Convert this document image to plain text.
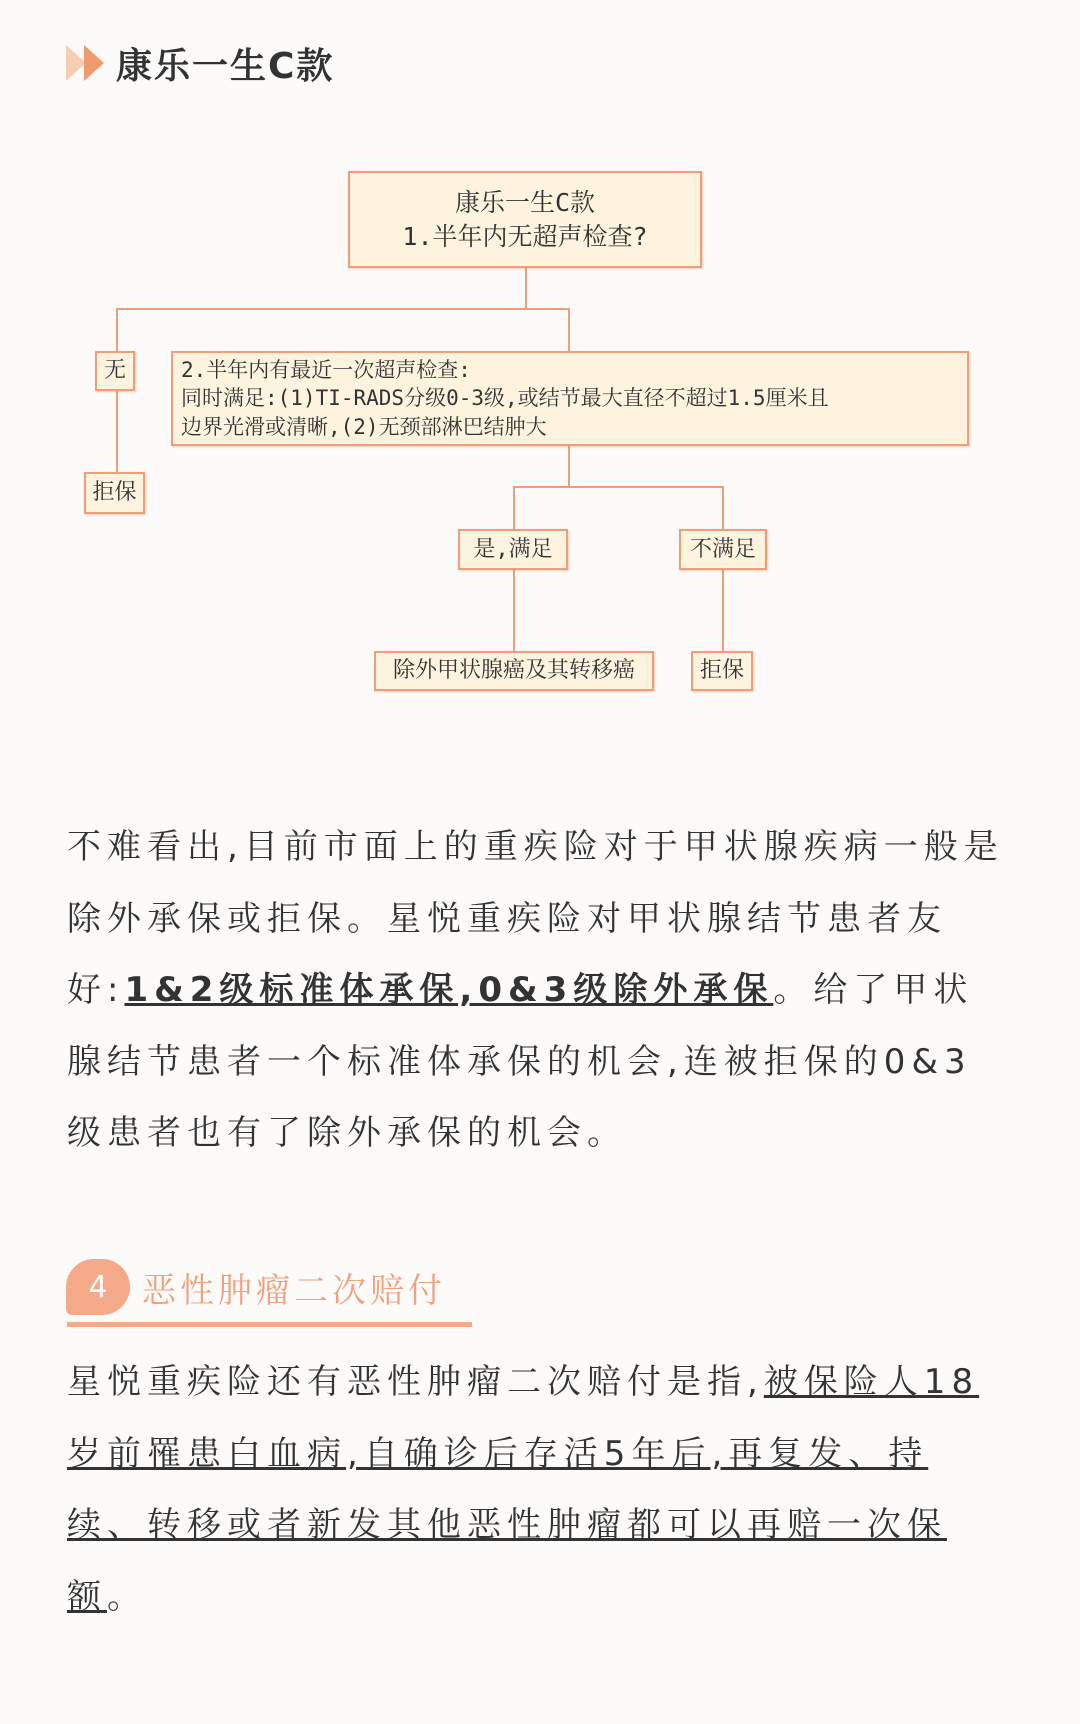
康乐一生C款
康乐一生C款
1.半年内无超声检查?
无	2.半年内有最近一次超声检查:
同时满足:(1)TI-RADS分级0-3级,或结节最大直径不超过1.5厘米且
边界光滑或清晰,(2)无颈部淋巴结肿大
拒保
是,满足	不满足
除外甲状腺癌及其转移癌	拒保
不难看出,目前市面上的重疾险对于甲状腺疾病一般是除外承保或拒保。星悦重疾险对甲状腺结节患者友好:1&2级标准体承保,0&3级除外承保。给了甲状腺结节患者一个标准体承保的机会,连被拒保的0&3级患者也有了除外承保的机会。
4	恶性肿瘤二次赔付
星悦重疾险还有恶性肿瘤二次赔付是指,被保险人18岁前罹患白血病,自确诊后存活5年后,再复发、持续、转移或者新发其他恶性肿瘤都可以再赔一次保额。
